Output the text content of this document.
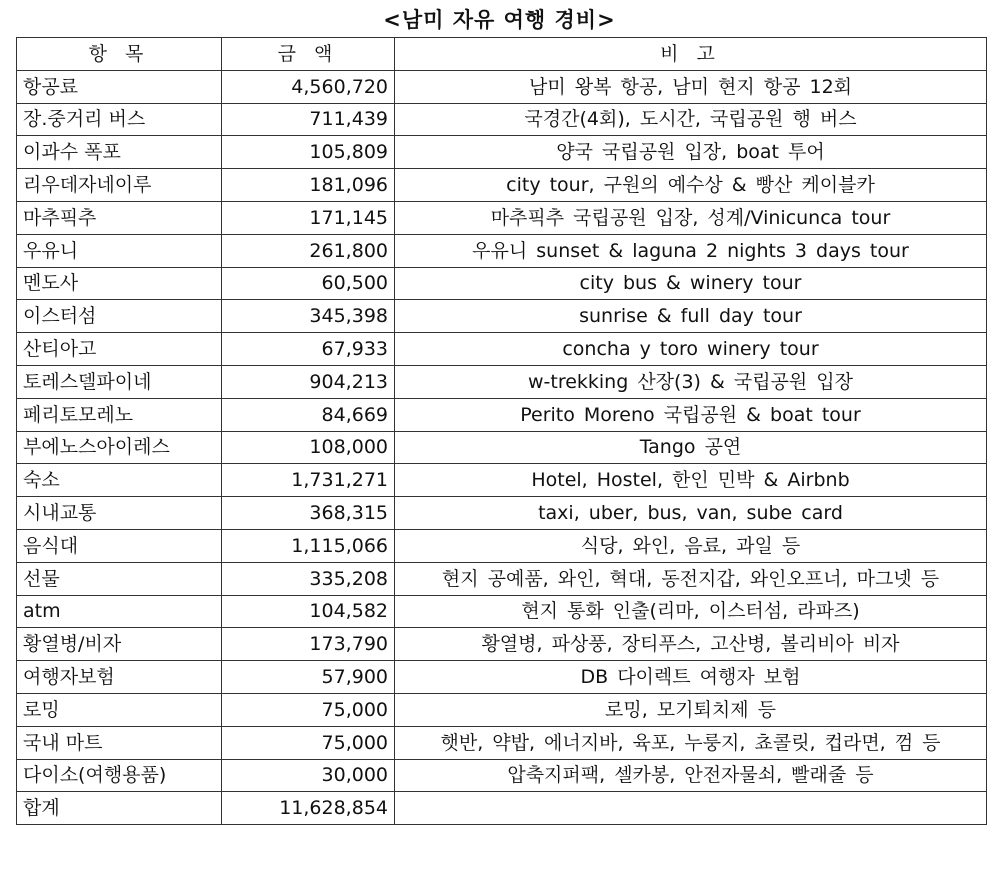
<남미 자유 여행 경비>
항 목	금 액	비 고
항공료	4,560,720	남미 왕복 항공, 남미 현지 항공 12회
장.중거리 버스	711,439	국경간(4회), 도시간, 국립공원 행 버스
이과수 폭포	105,809	양국 국립공원 입장, boat 투어
리우데자네이루	181,096	city tour, 구원의 예수상 & 빵산 케이블카
마추픽추	171,145	마추픽추 국립공원 입장, 성계/Vinicunca tour
우유니	261,800	우유니 sunset & laguna 2 nights 3 days tour
멘도사	60,500	city bus & winery tour
이스터섬	345,398	sunrise & full day tour
산티아고	67,933	concha y toro winery tour
토레스델파이네	904,213	w-trekking 산장(3) & 국립공원 입장
페리토모레노	84,669	Perito Moreno 국립공원 & boat tour
부에노스아이레스	108,000	Tango 공연
숙소	1,731,271	Hotel, Hostel, 한인 민박 & Airbnb
시내교통	368,315	taxi, uber, bus, van, sube card
음식대	1,115,066	식당, 와인, 음료, 과일 등
선물	335,208	현지 공예품, 와인, 혁대, 동전지갑, 와인오프너, 마그넷 등
atm	104,582	현지 통화 인출(리마, 이스터섬, 라파즈)
황열병/비자	173,790	황열병, 파상풍, 장티푸스, 고산병, 볼리비아 비자
여행자보험	57,900	DB 다이렉트 여행자 보험
로밍	75,000	로밍, 모기퇴치제 등
국내 마트	75,000	햇반, 약밥, 에너지바, 육포, 누룽지, 쵸콜릿, 컵라면, 껌 등
다이소(여행용품)	30,000	압축지퍼팩, 셀카봉, 안전자물쇠, 빨래줄 등
합계	11,628,854	
